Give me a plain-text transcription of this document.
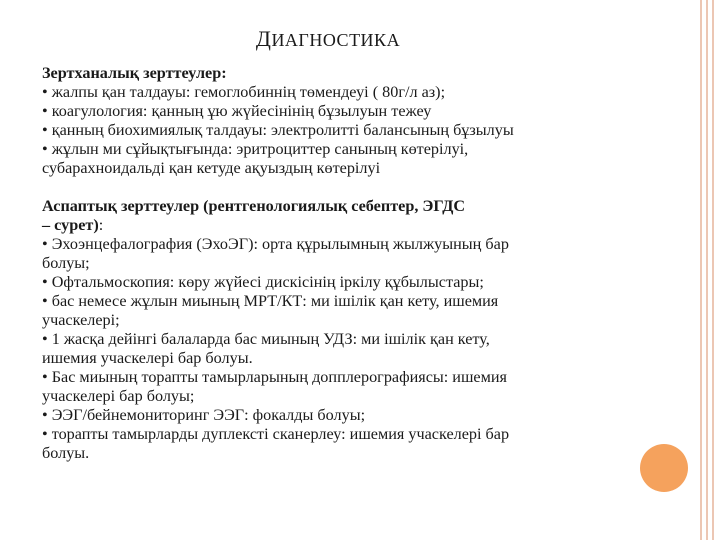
ДИАГНОСТИКА
Зертханалық зерттеулер:
• жалпы қан талдауы: гемоглобиннің төмендеуі ( 80г/л аз);
• коагулология: қанның ұю жүйесінінің бұзылуын тежеу
• қанның биохимиялық талдауы: электролитті балансының бұзылуы
• жұлын ми сұйықтығында: эритроциттер санының көтерілуі,
субарахноидальді қан кетуде ақуыздың көтерілуі
Аспаптық зерттеулер (рентгенологиялық себептер, ЭГДС
– сурет):
• Эхоэнцефалография (ЭхоЭГ): орта құрылымның жылжуының бар
болуы;
• Офтальмоскопия: көру жүйесі дискісінің іркілу құбылыстары;
• бас немесе жұлын миының МРТ/КТ: ми ішілік қан кету, ишемия
учаскелері;
• 1 жасқа дейінгі балаларда бас миының УДЗ: ми ішілік қан кету,
ишемия учаскелері бар болуы.
• Бас миының торапты тамырларының допплерографиясы: ишемия
учаскелері бар болуы;
• ЭЭГ/бейнемониторинг ЭЭГ: фокалды болуы;
• торапты тамырларды дуплексті сканерлеу: ишемия учаскелері бар
болуы.
